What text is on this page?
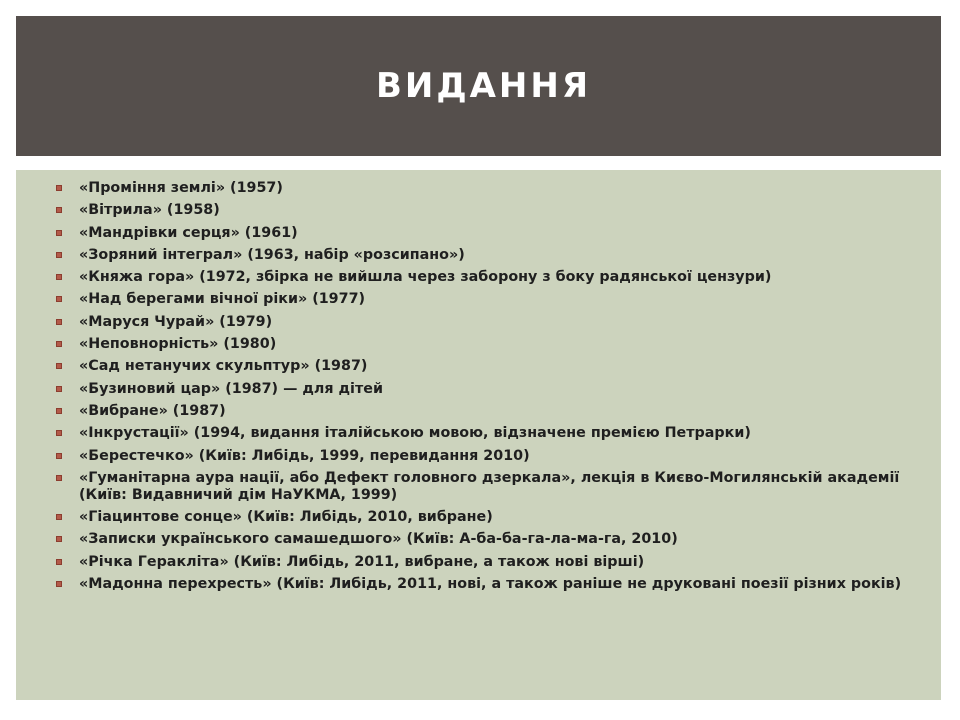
ВИДАННЯ
«Проміння землі» (1957)
«Вітрила» (1958)
«Мандрівки серця» (1961)
«Зоряний інтеграл» (1963, набір «розсипано»)
«Княжа гора» (1972, збірка не вийшла через заборону з боку радянської цензури)
«Над берегами вічної ріки» (1977)
«Маруся Чурай» (1979)
«Неповнорність» (1980)
«Сад нетанучих скульптур» (1987)
«Бузиновий цар» (1987) — для дітей
«Вибране» (1987)
«Інкрустації» (1994, видання італійською мовою, відзначене премією Петрарки)
«Берестечко» (Київ: Либідь, 1999, перевидання 2010)
«Гуманітарна аура нації, або Дефект головного дзеркала», лекція в Києво-Могилянській академії (Київ: Видавничий дім НаУКМА, 1999)
«Гіацинтове сонце» (Київ: Либідь, 2010, вибране)
«Записки українського самашедшого» (Київ: А-ба-ба-га-ла-ма-га, 2010)
«Річка Геракліта» (Київ: Либідь, 2011, вибране, а також нові вірші)
«Мадонна перехресть» (Київ: Либідь, 2011, нові, а також раніше не друковані поезії різних років)
